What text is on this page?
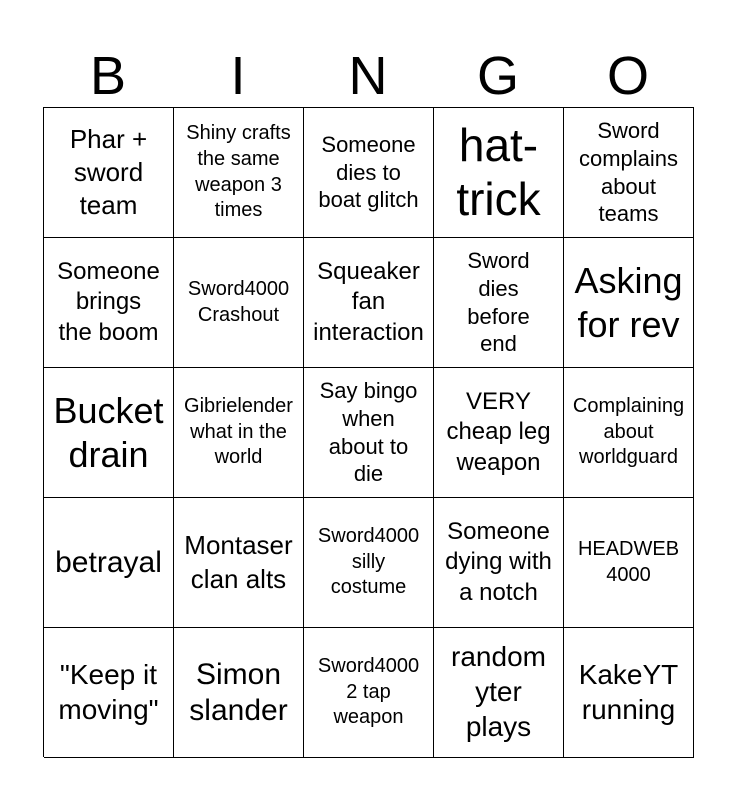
B	I	N	G	O
Phar +
sword
team
Shiny crafts
the same
weapon 3
times
Someone
dies to
boat glitch
hat-
trick
Sword
complains
about
teams
Someone
brings
the boom
Sword4000
Crashout
Squeaker
fan
interaction
Sword
dies
before
end
Asking
for rev
Bucket
drain
Gibrielender
what in the
world
Say bingo
when
about to
die
VERY
cheap leg
weapon
Complaining
about
worldguard
betrayal
Montaser
clan alts
Sword4000
silly
costume
Someone
dying with
a notch
HEADWEB
4000
"Keep it
moving"
Simon
slander
Sword4000
2 tap
weapon
random
yter
plays
KakeYT
running
